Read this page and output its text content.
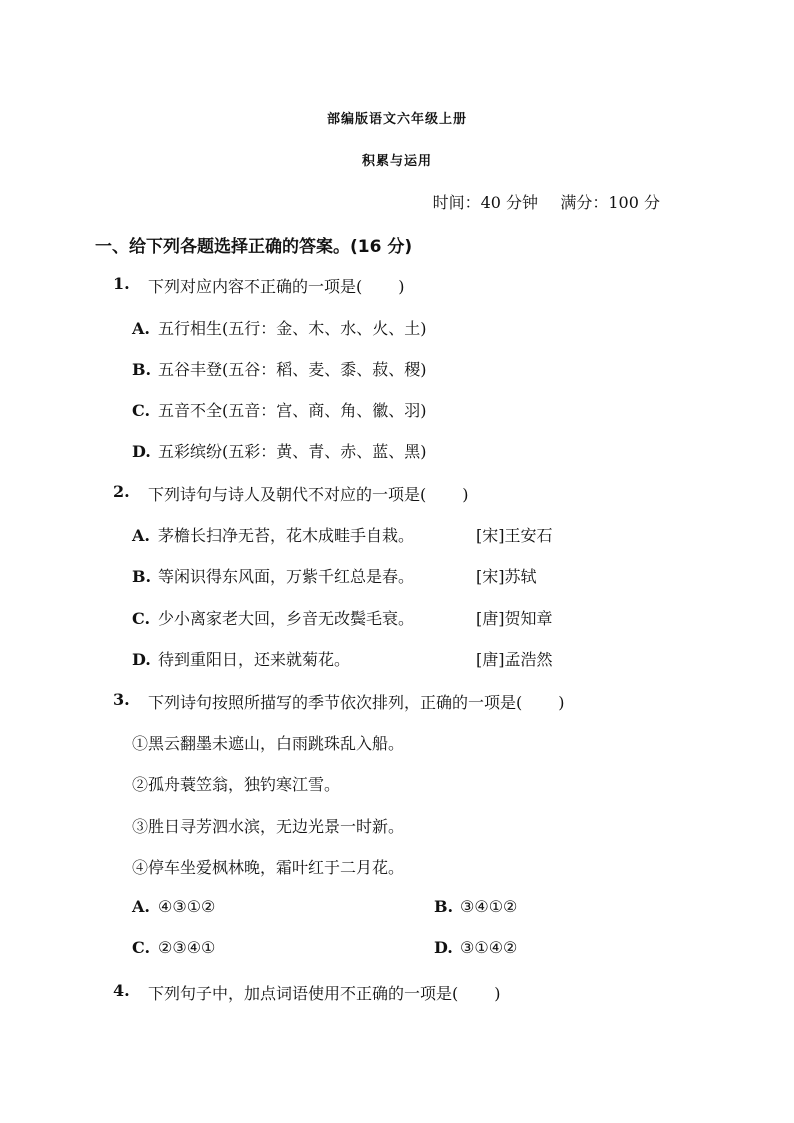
部编版语文六年级上册
积累与运用
时间：40 分钟 满分：100 分
一、给下列各题选择正确的答案。(16 分)
1. 下列对应内容不正确的一项是( )
A. 五行相生(五行：金、木、水、火、土)
B. 五谷丰登(五谷：稻、麦、黍、菽、稷)
C. 五音不全(五音：宫、商、角、徽、羽)
D. 五彩缤纷(五彩：黄、青、赤、蓝、黑)
2. 下列诗句与诗人及朝代不对应的一项是( )
A. 茅檐长扫净无苔，花木成畦手自栽。	[宋]王安石
B. 等闲识得东风面，万紫千红总是春。	[宋]苏轼
C. 少小离家老大回，乡音无改鬓毛衰。	[唐]贺知章
D. 待到重阳日，还来就菊花。	[唐]孟浩然
3. 下列诗句按照所描写的季节依次排列，正确的一项是( )
①黑云翻墨未遮山，白雨跳珠乱入船。
②孤舟蓑笠翁，独钓寒江雪。
③胜日寻芳泗水滨，无边光景一时新。
④停车坐爱枫林晚，霜叶红于二月花。
A. ④③①②	B. ③④①②
C. ②③④①	D. ③①④②
4. 下列句子中，加点词语使用不正确的一项是( )
